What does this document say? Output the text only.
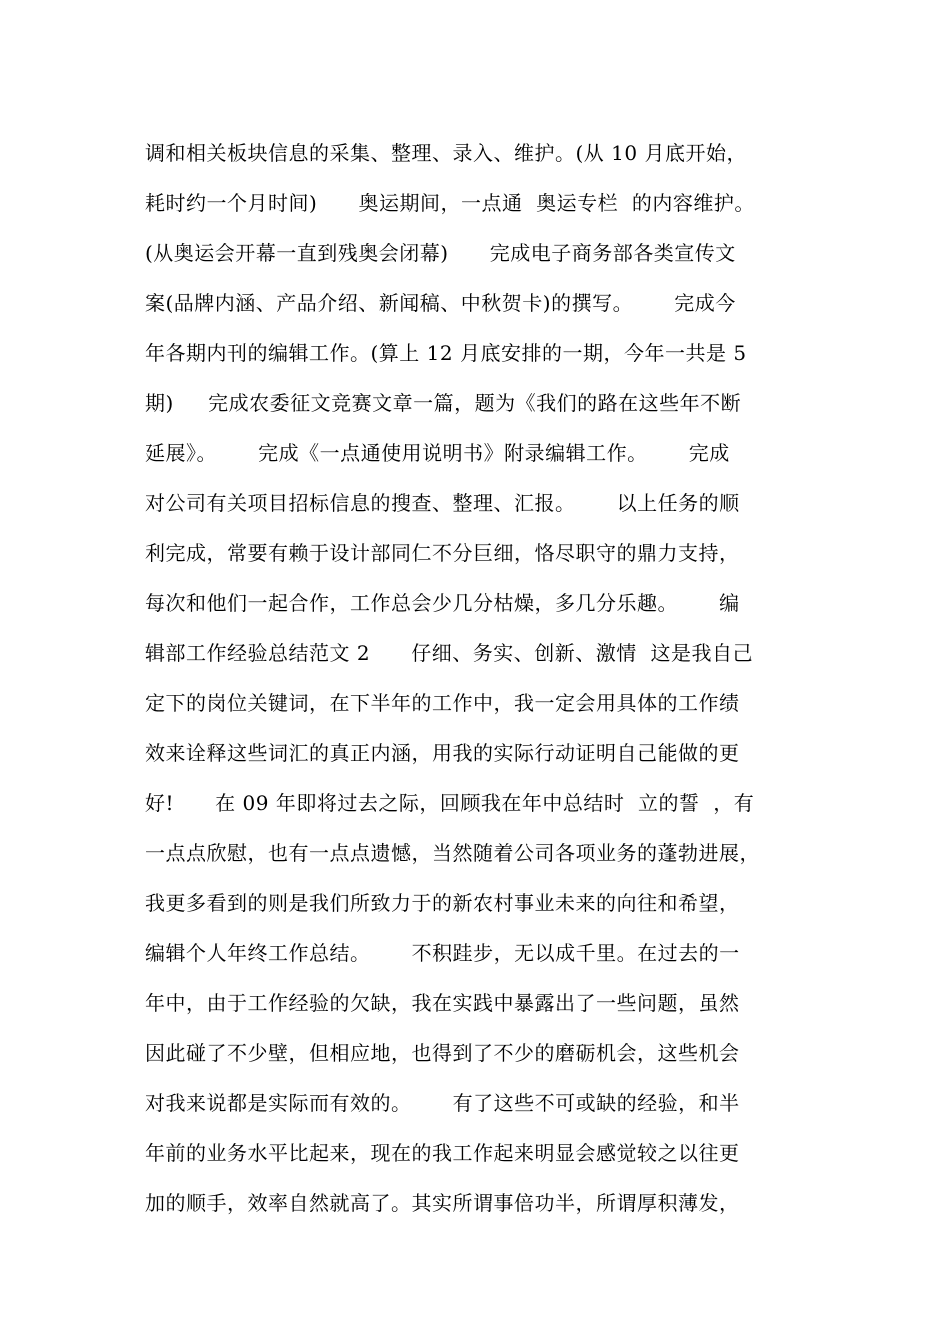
调和相关板块信息的采集、整理、录入、维护。(从 10 月底开始，
耗时约一个月时间)      奥运期间，一点通  奥运专栏  的内容维护。
(从奥运会开幕一直到残奥会闭幕)      完成电子商务部各类宣传文
案(品牌内涵、产品介绍、新闻稿、中秋贺卡)的撰写。      完成今
年各期内刊的编辑工作。(算上 12 月底安排的一期，今年一共是 5
期)     完成农委征文竞赛文章一篇，题为《我们的路在这些年不断
延展》。      完成《一点通使用说明书》附录编辑工作。      完成
对公司有关项目招标信息的搜查、整理、汇报。      以上任务的顺
利完成，常要有赖于设计部同仁不分巨细，恪尽职守的鼎力支持，
每次和他们一起合作，工作总会少几分枯燥，多几分乐趣。      编
辑部工作经验总结范文 2      仔细、务实、创新、激情  这是我自己
定下的岗位关键词，在下半年的工作中，我一定会用具体的工作绩
效来诠释这些词汇的真正内涵，用我的实际行动证明自己能做的更
好!      在 09 年即将过去之际，回顾我在年中总结时  立的誓  ，有
一点点欣慰，也有一点点遗憾，当然随着公司各项业务的蓬勃进展，
我更多看到的则是我们所致力于的新农村事业未来的向往和希望，
编辑个人年终工作总结。      不积跬步，无以成千里。在过去的一
年中，由于工作经验的欠缺，我在实践中暴露出了一些问题，虽然
因此碰了不少壁，但相应地，也得到了不少的磨砺机会，这些机会
对我来说都是实际而有效的。      有了这些不可或缺的经验，和半
年前的业务水平比起来，现在的我工作起来明显会感觉较之以往更
加的顺手，效率自然就高了。其实所谓事倍功半，所谓厚积薄发，
